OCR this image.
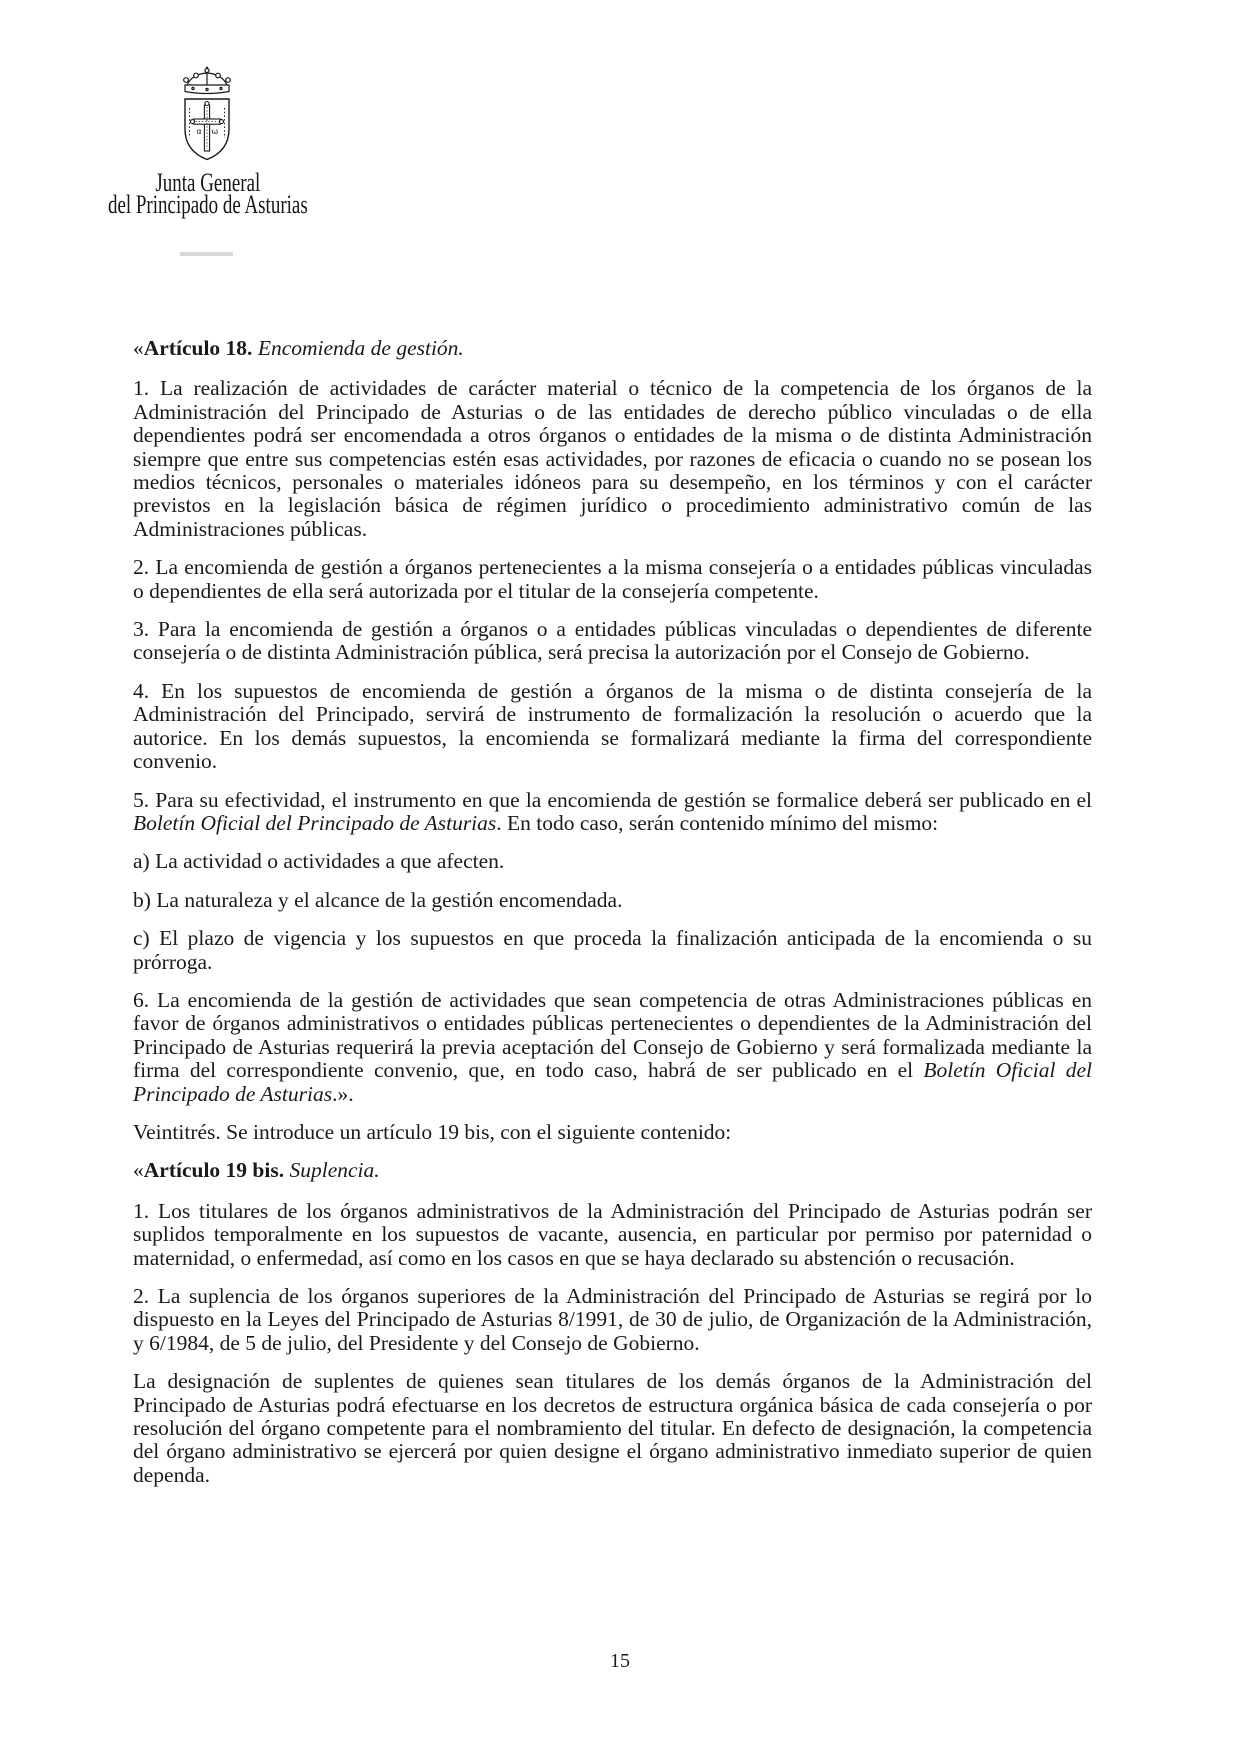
α ω
Junta General
del Principado de Asturias

«Artículo 18. Encomienda de gestión.

1. La realización de actividades de carácter material o técnico de la competencia de los órganos de la Administración del Principado de Asturias o de las entidades de derecho público vinculadas o de ella dependientes podrá ser encomendada a otros órganos o entidades de la misma o de distinta Administración siempre que entre sus competencias estén esas actividades, por razones de eficacia o cuando no se posean los medios técnicos, personales o materiales idóneos para su desempeño, en los términos y con el carácter previstos en la legislación básica de régimen jurídico o procedimiento administrativo común de las Administraciones públicas.

2. La encomienda de gestión a órganos pertenecientes a la misma consejería o a entidades públicas vinculadas o dependientes de ella será autorizada por el titular de la consejería competente.

3. Para la encomienda de gestión a órganos o a entidades públicas vinculadas o dependientes de diferente consejería o de distinta Administración pública, será precisa la autorización por el Consejo de Gobierno.

4. En los supuestos de encomienda de gestión a órganos de la misma o de distinta consejería de la Administración del Principado, servirá de instrumento de formalización la resolución o acuerdo que la autorice. En los demás supuestos, la encomienda se formalizará mediante la firma del correspondiente convenio.

5. Para su efectividad, el instrumento en que la encomienda de gestión se formalice deberá ser publicado en el Boletín Oficial del Principado de Asturias. En todo caso, serán contenido mínimo del mismo:

a) La actividad o actividades a que afecten.

b) La naturaleza y el alcance de la gestión encomendada.

c) El plazo de vigencia y los supuestos en que proceda la finalización anticipada de la encomienda o su prórroga.

6. La encomienda de la gestión de actividades que sean competencia de otras Administraciones públicas en favor de órganos administrativos o entidades públicas pertenecientes o dependientes de la Administración del Principado de Asturias requerirá la previa aceptación del Consejo de Gobierno y será formalizada mediante la firma del correspondiente convenio, que, en todo caso, habrá de ser publicado en el Boletín Oficial del Principado de Asturias.».

Veintitrés. Se introduce un artículo 19 bis, con el siguiente contenido:

«Artículo 19 bis. Suplencia.

1. Los titulares de los órganos administrativos de la Administración del Principado de Asturias podrán ser suplidos temporalmente en los supuestos de vacante, ausencia, en particular por permiso por paternidad o maternidad, o enfermedad, así como en los casos en que se haya declarado su abstención o recusación.

2. La suplencia de los órganos superiores de la Administración del Principado de Asturias se regirá por lo dispuesto en la Leyes del Principado de Asturias 8/1991, de 30 de julio, de Organización de la Administración, y 6/1984, de 5 de julio, del Presidente y del Consejo de Gobierno.

La designación de suplentes de quienes sean titulares de los demás órganos de la Administración del Principado de Asturias podrá efectuarse en los decretos de estructura orgánica básica de cada consejería o por resolución del órgano competente para el nombramiento del titular. En defecto de designación, la competencia del órgano administrativo se ejercerá por quien designe el órgano administrativo inmediato superior de quien dependa.

15
